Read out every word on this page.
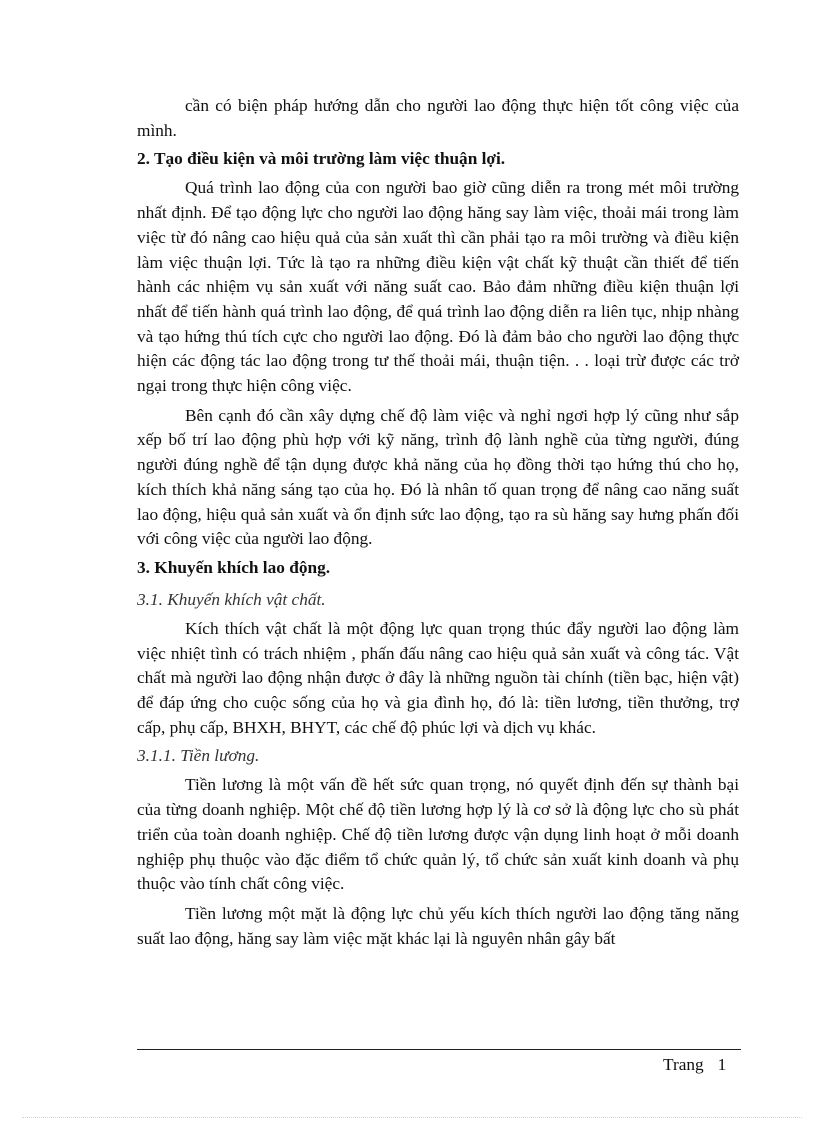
cần có biện pháp hướng dẫn cho người lao động thực hiện tốt công việc của mình.

2. Tạo điều kiện và môi trường làm việc thuận lợi.

Quá trình lao động của con người bao giờ cũng diễn ra trong mét môi trường nhất định. Để tạo động lực cho người lao động hăng say làm việc, thoải mái trong làm việc từ đó nâng cao hiệu quả của sản xuất thì cần phải tạo ra môi trường và điều kiện làm việc thuận lợi. Tức là tạo ra những điều kiện vật chất kỹ thuật cần thiết để tiến hành các nhiệm vụ sản xuất với năng suất cao. Bảo đảm những điều kiện thuận lợi nhất để tiến hành quá trình lao động, để quá trình lao động diễn ra liên tục, nhịp nhàng và tạo hứng thú tích cực cho người lao động. Đó là đảm bảo cho người lao động thực hiện các động tác lao động trong tư thế thoải mái, thuận tiện. . . loại trừ được các trở ngại trong thực hiện công việc.

Bên cạnh đó cần xây dựng chế độ làm việc và nghỉ ngơi hợp lý cũng như sắp xếp bố trí lao động phù hợp với kỹ năng, trình độ lành nghề của từng người, đúng người đúng nghề để tận dụng được khả năng của họ đồng thời tạo hứng thú cho họ, kích thích khả năng sáng tạo của họ. Đó là nhân tố quan trọng để nâng cao năng suất lao động, hiệu quả sản xuất và ổn định sức lao động, tạo ra sù hăng say hưng phấn đối với công việc của người lao động.

3. Khuyến khích lao động.

3.1. Khuyến khích vật chất.

Kích thích vật chất là một động lực quan trọng thúc đẩy người lao động làm việc nhiệt tình có trách nhiệm , phấn đấu nâng cao hiệu quả sản xuất và công tác. Vật chất mà người lao động nhận được ở đây là những nguồn tài chính (tiền bạc, hiện vật) để đáp ứng cho cuộc sống của họ và gia đình họ, đó là: tiền lương, tiền thưởng, trợ cấp, phụ cấp, BHXH, BHYT, các chế độ phúc lợi và dịch vụ khác.

3.1.1. Tiền lương.

Tiền lương là một vấn đề hết sức quan trọng, nó quyết định đến sự thành bại của từng doanh nghiệp. Một chế độ tiền lương hợp lý là cơ sở là động lực cho sù phát triển của toàn doanh nghiệp. Chế độ tiền lương được vận dụng linh hoạt ở mỗi doanh nghiệp phụ thuộc vào đặc điểm tổ chức quản lý, tổ chức sản xuất kinh doanh và phụ thuộc vào tính chất công việc.

Tiền lương một mặt là động lực chủ yếu kích thích người lao động tăng năng suất lao động, hăng say làm việc mặt khác lại là nguyên nhân gây bất

Trang 1
